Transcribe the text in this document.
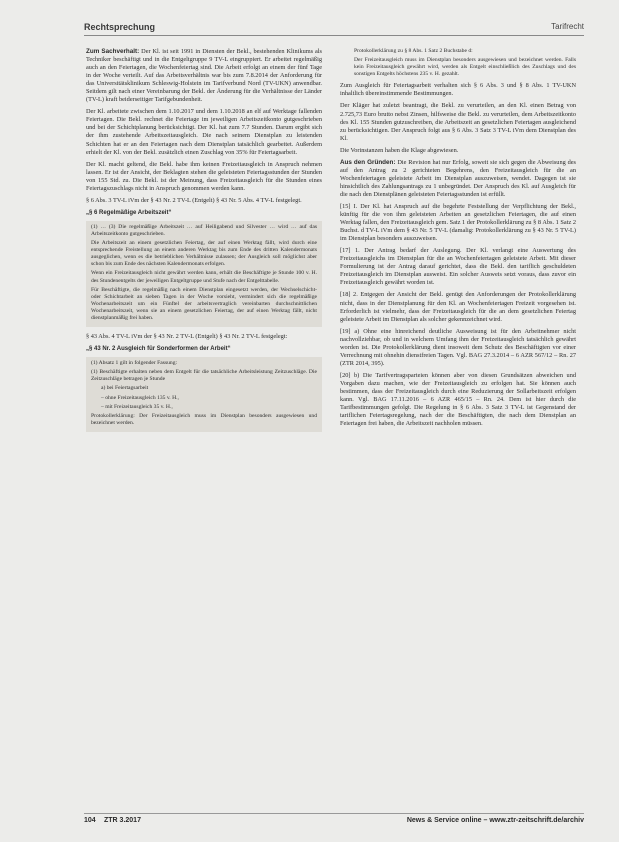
Rechtsprechung	Tarifrecht

Zum Sachverhalt: Der Kl. ist seit 1991 in Diensten der Bekl., bestehenden Klinikums als Techniker beschäftigt und in die Entgeltgruppe 9 TV-L eingruppiert. Er arbeitet regelmäßig auch an den Feiertagen, die Wochenfeiertag sind. Die Arbeit erfolgt an einem der fünf Tage in der Woche verteilt. Auf das Arbeitsverhältnis war bis zum 7.8.2014 der Anforderung für das Universitätsklinikum Schleswig-Holstein im Tarifverbund Nord (TV-UKN) anwendbar. Seitdem gilt nach einer Vereinbarung der Bekl. der Änderung für die Verhältnisse der Länder (TV-L) kraft beiderseitiger Tarifgebundenheit.

Der Kl. arbeitete zwischen dem 1.10.2017 und dem 1.10.2018 an elf auf Werktage fallenden Feiertagen. Die Bekl. rechnet die Feiertage im jeweiligen Arbeitszeitkonto gutgeschrieben und bei der Schichtplanung berücksichtigt. Der Kl. hat zum 7.7 Stunden. Darum ergibt sich der ihm zustehende Arbeitszeitausgleich. Die nach seinem Dienstplan zu leistenden Schichten hat er an den Feiertagen nach dem Dienstplan tatsächlich gearbeitet. Außerdem erhielt der Kl. von der Bekl. zusätzlich einen Zuschlag von 35% für Feiertagsarbeit.

Der Kl. macht geltend, die Bekl. habe ihm keinen Freizeitausgleich in Anspruch nehmen lassen. Er ist der Ansicht, der Beklagten stehen die geleisteten Feiertagsstunden der Stunden von 155 Std. zu. Die Bekl. ist der Meinung, dass Freizeitausgleich für die Stunden eines Feiertagszuschlags nicht in Anspruch genommen werden kann.

§ 6 Abs. 3 TV-L iVm der § 43 Nr. 2 TV-L (Entgelt) § 43 Nr. 5 Abs. 4 TV-L festgelegt.

„§ 6 Regelmäßige Arbeitszeit“

(1) … (3) Die regelmäßige Arbeitszeit … auf Heiligabend und Silvester … wird … auf das Arbeitszeitkonto gutgeschrieben.

Die Arbeitszeit an einem gesetzlichen Feiertag, der auf einen Werktag fällt, wird durch eine entsprechende Freistellung an einem anderen Werktag bis zum Ende des dritten Kalendermonats ausgeglichen, wenn es die betrieblichen Verhältnisse zulassen; der Ausgleich soll möglichst aber schon bis zum Ende des nächsten Kalendermonats erfolgen.

Wenn ein Freizeitausgleich nicht gewährt werden kann, erhält die Beschäftigte je Stunde 100 v. H. des Stundenentgelts der jeweiligen Entgeltgruppe und Stufe nach der Entgelttabelle.

Für Beschäftigte, die regelmäßig nach einem Dienstplan eingesetzt werden, der Wechselschicht- oder Schichtarbeit an sieben Tagen in der Woche vorsieht, vermindert sich die regelmäßige Wochenarbeitszeit um ein Fünftel der arbeitsvertraglich vereinbarten durchschnittlichen Wochenarbeitszeit, wenn sie an einem gesetzlichen Feiertag, der auf einen Werktag fällt, nicht dienstplanmäßig frei haben.

§ 43 Abs. 4 TV-L iVm der § 43 Nr. 2 TV-L (Entgelt) § 43 Nr. 2 TV-L festgelegt:

„§ 43 Nr. 2 Ausgleich für Sonderformen der Arbeit“

(1) Absatz 1 gilt in folgender Fassung:

(1) Beschäftigte erhalten neben dem Entgelt für die tatsächliche Arbeitsleistung Zeitzuschläge. Die Zeitzuschläge betragen je Stunde

a) bei Feiertagsarbeit

– ohne Freizeitausgleich 135 v. H.,

– mit Freizeitausgleich 35 v. H.,

Protokollerklärung: Der Freizeitausgleich muss im Dienstplan besonders ausgewiesen und bezeichnet werden.

Protokollerklärung zu § 8 Abs. 1 Satz 2 Buchstabe d:

Der Freizeitausgleich muss im Dienstplan besonders ausgewiesen und bezeichnet werden. Falls kein Freizeitausgleich gewährt wird, werden als Entgelt einschließlich des Zuschlags und des sonstigen Entgelts höchstens 235 v. H. gezahlt.

Zum Ausgleich für Feiertagsarbeit verhalten sich § 6 Abs. 3 und § 8 Abs. 1 TV-UKN inhaltlich übereinstimmende Bestimmungen.

Der Kläger hat zuletzt beantragt, die Bekl. zu verurteilen, an den Kl. einen Betrag von 2.725,73 Euro brutto nebst Zinsen, hilfsweise die Bekl. zu verurteilen, dem Arbeitszeitkonto des Kl. 155 Stunden gutzuschreiben, die Arbeitszeit an gesetzlichen Feiertagen ausgleichend zu berücksichtigen. Der Anspruch folgt aus § 6 Abs. 3 Satz 3 TV-L iVm dem Dienstplan des Kl.

Die Vorinstanzen haben die Klage abgewiesen.

Aus den Gründen: Die Revision hat nur Erfolg, soweit sie sich gegen die Abweisung des auf den Antrag zu 2 gerichteten Begehrens, den Freizeitausgleich für die an Wochenfeiertagen geleistete Arbeit im Dienstplan auszuweisen, wendet. Dagegen ist sie hinsichtlich des Zahlungsantrags zu 1 unbegründet. Der Anspruch des Kl. auf Ausgleich für die nach den Dienstplänen geleisteten Feiertagsstunden ist erfüllt.

[15] I. Der Kl. hat Anspruch auf die begehrte Feststellung der Verpflichtung der Bekl., künftig für die von ihm geleisteten Arbeiten an gesetzlichen Feiertagen, die auf einen Werktag fallen, den Freizeitausgleich gem. Satz 1 der Protokollerklärung zu § 8 Abs. 1 Satz 2 Buchst. d TV-L iVm dem § 43 Nr. 5 TV-L (damalig: Protokollerklärung zu § 43 Nr. 5 TV-L) im Dienstplan besonders auszuweisen.

[17] 1. Der Antrag bedarf der Auslegung. Der Kl. verlangt eine Auswertung des Freizeitausgleichs im Dienstplan für die an Wochenfeiertagen geleistete Arbeit. Mit dieser Formulierung ist der Antrag darauf gerichtet, dass die Bekl. den tariflich geschuldeten Freizeitausgleich im Dienstplan ausweist. Ein solcher Ausweis setzt voraus, dass zuvor ein Freizeitausgleich gewährt worden ist.

[18] 2. Entgegen der Ansicht der Bekl. genügt den Anforderungen der Protokollerklärung nicht, dass in der Dienstplanung für den Kl. an Wochenfeiertagen Freizeit vorgesehen ist. Erforderlich ist vielmehr, dass der Freizeitausgleich für die an dem gesetzlichen Feiertag geleistete Arbeit im Dienstplan als solcher gekennzeichnet wird.

[19] a) Ohne eine hinreichend deutliche Ausweisung ist für den Arbeitnehmer nicht nachvollziehbar, ob und in welchem Umfang ihm der Freizeitausgleich tatsächlich gewährt worden ist. Die Protokollerklärung dient insoweit dem Schutz des Beschäftigten vor einer Verrechnung mit ohnehin dienstfreien Tagen. Vgl. BAG 27.3.2014 – 6 AZR 567/12 – Rn. 27 (ZTR 2014, 395).

[20] b) Die Tarifvertragsparteien können aber von diesen Grundsätzen abweichen und Vorgaben dazu machen, wie der Freizeitausgleich zu erfolgen hat. Sie können auch bestimmen, dass der Freizeitausgleich durch eine Reduzierung der Sollarbeitszeit erfolgen kann. Vgl. BAG 17.11.2016 – 6 AZR 465/15 – Rn. 24. Dem ist hier durch die Tarifbestimmungen gefolgt. Die Regelung in § 6 Abs. 3 Satz 3 TV-L ist Gegenstand der tariflichen Feiertagsregelung, nach der die Beschäftigten, die nach dem Dienstplan an Feiertagen frei haben, die Arbeitszeit nachholen müssen.

104 ZTR 3.2017	News & Service online – www.ztr-zeitschrift.de/archiv
